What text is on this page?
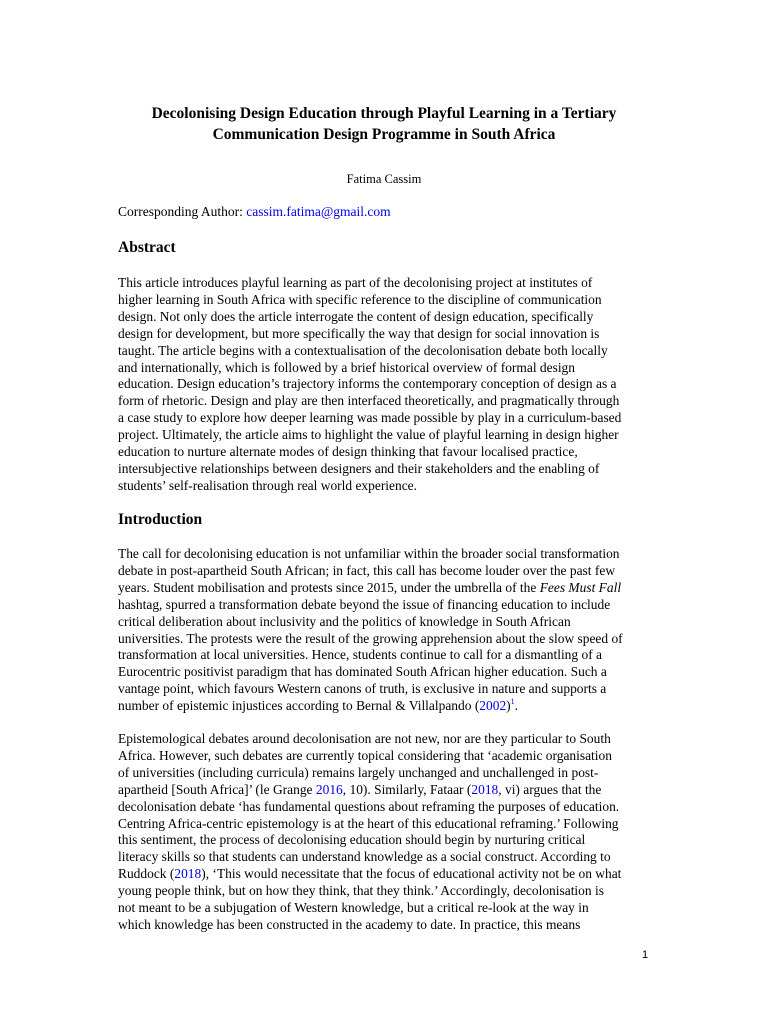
Decolonising Design Education through Playful Learning in a Tertiary
Communication Design Programme in South Africa
Fatima Cassim
Corresponding Author: cassim.fatima@gmail.com
Abstract
This article introduces playful learning as part of the decolonising project at institutes of
higher learning in South Africa with specific reference to the discipline of communication
design. Not only does the article interrogate the content of design education, specifically
design for development, but more specifically the way that design for social innovation is
taught. The article begins with a contextualisation of the decolonisation debate both locally
and internationally, which is followed by a brief historical overview of formal design
education. Design education’s trajectory informs the contemporary conception of design as a
form of rhetoric. Design and play are then interfaced theoretically, and pragmatically through
a case study to explore how deeper learning was made possible by play in a curriculum-based
project. Ultimately, the article aims to highlight the value of playful learning in design higher
education to nurture alternate modes of design thinking that favour localised practice,
intersubjective relationships between designers and their stakeholders and the enabling of
students’ self-realisation through real world experience.
Introduction
The call for decolonising education is not unfamiliar within the broader social transformation
debate in post-apartheid South African; in fact, this call has become louder over the past few
years. Student mobilisation and protests since 2015, under the umbrella of the Fees Must Fall
hashtag, spurred a transformation debate beyond the issue of financing education to include
critical deliberation about inclusivity and the politics of knowledge in South African
universities. The protests were the result of the growing apprehension about the slow speed of
transformation at local universities. Hence, students continue to call for a dismantling of a
Eurocentric positivist paradigm that has dominated South African higher education. Such a
vantage point, which favours Western canons of truth, is exclusive in nature and supports a
number of epistemic injustices according to Bernal & Villalpando $(2002)^1$.
Epistemological debates around decolonisation are not new, nor are they particular to South
Africa. However, such debates are currently topical considering that ‘academic organisation
of universities (including curricula) remains largely unchanged and unchallenged in post-
apartheid [South Africa]’ (le Grange 2016, 10). Similarly, Fataar (2018, vi) argues that the
decolonisation debate ‘has fundamental questions about reframing the purposes of education.
Centring Africa-centric epistemology is at the heart of this educational reframing.’ Following
this sentiment, the process of decolonising education should begin by nurturing critical
literacy skills so that students can understand knowledge as a social construct. According to
Ruddock (2018), ‘This would necessitate that the focus of educational activity not be on what
young people think, but on how they think, that they think.’ Accordingly, decolonisation is
not meant to be a subjugation of Western knowledge, but a critical re-look at the way in
which knowledge has been constructed in the academy to date. In practice, this means
1
